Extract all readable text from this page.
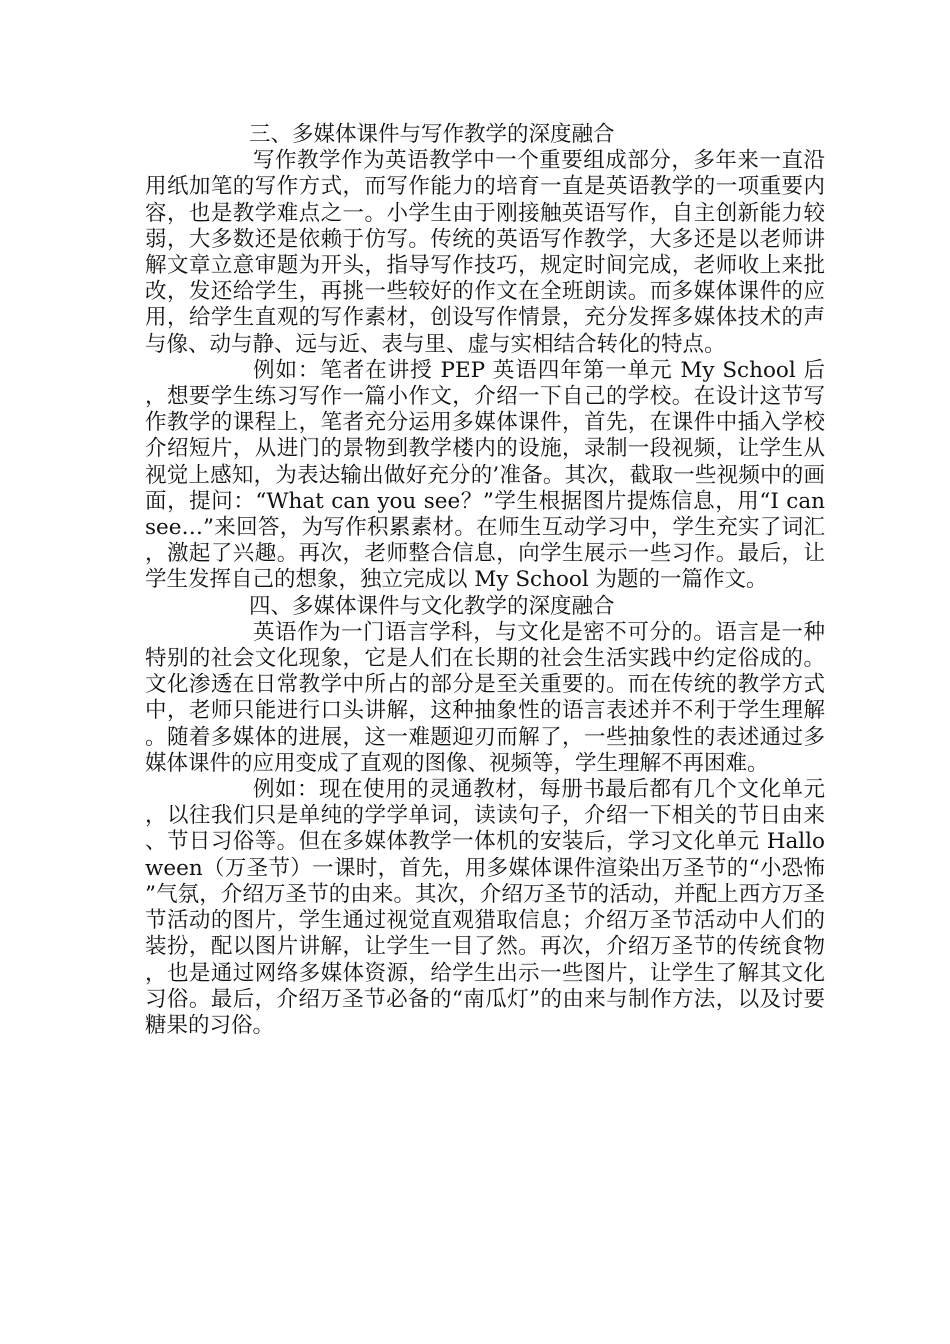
三、多媒体课件与写作教学的深度融合

写作教学作为英语教学中一个重要组成部分，多年来一直沿用纸加笔的写作方式，而写作能力的培育一直是英语教学的一项重要内容，也是教学难点之一。小学生由于刚接触英语写作，自主创新能力较弱，大多数还是依赖于仿写。传统的英语写作教学，大多还是以老师讲解文章立意审题为开头，指导写作技巧，规定时间完成，老师收上来批改，发还给学生，再挑一些较好的作文在全班朗读。而多媒体课件的应用，给学生直观的写作素材，创设写作情景，充分发挥多媒体技术的声与像、动与静、远与近、表与里、虚与实相结合转化的特点。

例如：笔者在讲授 PEP 英语四年第一单元 My School 后，想要学生练习写作一篇小作文，介绍一下自己的学校。在设计这节写作教学的课程上，笔者充分运用多媒体课件，首先，在课件中插入学校介绍短片，从进门的景物到教学楼内的设施，录制一段视频，让学生从视觉上感知，为表达输出做好充分的’准备。其次，截取一些视频中的画面，提问：“What can you see？”学生根据图片提炼信息，用“I can see…”来回答，为写作积累素材。在师生互动学习中，学生充实了词汇，激起了兴趣。再次，老师整合信息，向学生展示一些习作。最后，让学生发挥自己的想象，独立完成以 My School 为题的一篇作文。

四、多媒体课件与文化教学的深度融合

英语作为一门语言学科，与文化是密不可分的。语言是一种特别的社会文化现象，它是人们在长期的社会生活实践中约定俗成的。文化渗透在日常教学中所占的部分是至关重要的。而在传统的教学方式中，老师只能进行口头讲解，这种抽象性的语言表述并不利于学生理解。随着多媒体的进展，这一难题迎刃而解了，一些抽象性的表述通过多媒体课件的应用变成了直观的图像、视频等，学生理解不再困难。

例如：现在使用的灵通教材，每册书最后都有几个文化单元，以往我们只是单纯的学学单词，读读句子，介绍一下相关的节日由来、节日习俗等。但在多媒体教学一体机的安装后，学习文化单元 Halloween（万圣节）一课时，首先，用多媒体课件渲染出万圣节的“小恐怖”气氛，介绍万圣节的由来。其次，介绍万圣节的活动，并配上西方万圣节活动的图片，学生通过视觉直观猎取信息；介绍万圣节活动中人们的装扮，配以图片讲解，让学生一目了然。再次，介绍万圣节的传统食物，也是通过网络多媒体资源，给学生出示一些图片，让学生了解其文化习俗。最后，介绍万圣节必备的“南瓜灯”的由来与制作方法，以及讨要糖果的习俗。
